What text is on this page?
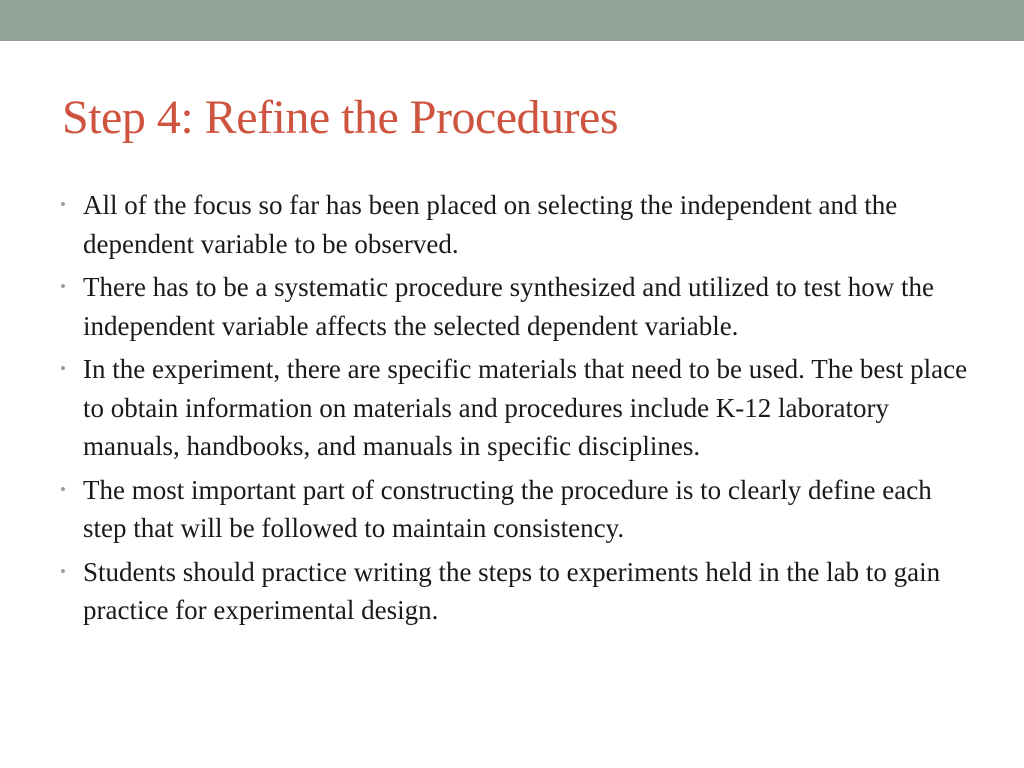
Step 4: Refine the Procedures
• All of the focus so far has been placed on selecting the independent and the dependent variable to be observed.
• There has to be a systematic procedure synthesized and utilized to test how the independent variable affects the selected dependent variable.
• In the experiment, there are specific materials that need to be used. The best place to obtain information on materials and procedures include K-12 laboratory manuals, handbooks, and manuals in specific disciplines.
• The most important part of constructing the procedure is to clearly define each step that will be followed to maintain consistency.
• Students should practice writing the steps to experiments held in the lab to gain practice for experimental design.
